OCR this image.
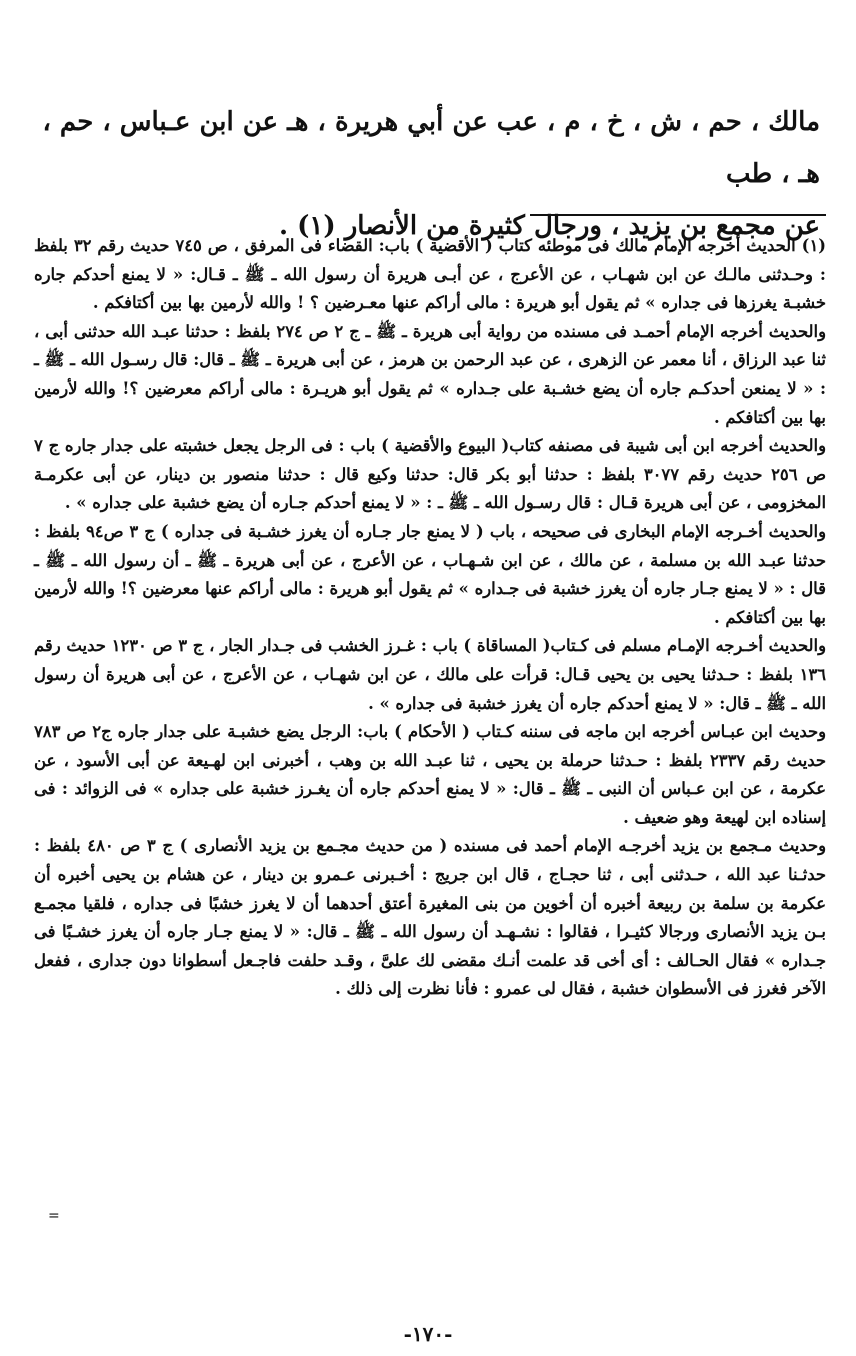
مالك ، حم ، ش ، خ ، م ، عب عن أبي هريرة ، هـ عن ابن عـباس ، حم ، هـ ، طب

عن مجمع بن يزيد ، ورجال كثيرة من الأنصار (١) .

(١) الحديث أخرجه الإمام مالك فى موطئه كتاب ( الأقضية ) باب: القضاء فى المرفق ، ص ٧٤٥ حديث رقم ٣٢ بلفظ : وحـدثنى مالـك عن ابن شهـاب ، عن الأعرج ، عن أبـى هريرة أن رسول الله ـ ﷺ ـ قـال: « لا يمنع أحدكم جاره خشبـة يغرزها فى جداره » ثم يقول أبو هريرة : مالى أراكم عنها معـرضين ؟ ! والله لأرمين بها بين أكتافكم .

والحديث أخرجه الإمام أحمـد فى مسنده من رواية أبى هريرة ـ ﷺ ـ ج ٢ ص ٢٧٤ بلفظ : حدثنا عبـد الله حدثنى أبى ، ثنا عبد الرزاق ، أنا معمر عن الزهرى ، عن عبد الرحمن بن هرمز ، عن أبى هريرة ـ ﷺ ـ قال: قال رسـول الله ـ ﷺ ـ : « لا يمنعن أحدكـم جاره أن يضع خشـبة على جـداره » ثم يقول أبو هريـرة : مالى أراكم معرضين ؟! والله لأرمين بها بين أكتافكم .

والحديث أخرجه ابن أبى شيبة فى مصنفه كتاب( البيوع والأقضية ) باب : فى الرجل يجعل خشبته على جدار جاره ج ٧ ص ٢٥٦ حديث رقم ٣٠٧٧ بلفظ : حدثنا أبو بكر قال: حدثنا وكيع قال : حدثنا منصور بن دينار، عن أبى عكرمـة المخزومى ، عن أبى هريرة قـال : قال رسـول الله ـ ﷺ ـ : « لا يمنع أحدكم جـاره أن يضع خشبة على جداره » .

والحديث أخـرجه الإمام البخارى فى صحيحه ، باب ( لا يمنع جار جـاره أن يغرز خشـبة فى جداره ) ج ٣ ص٩٤ بلفظ : حدثنا عبـد الله بن مسلمة ، عن مالك ، عن ابن شـهـاب ، عن الأعرج ، عن أبى هريرة ـ ﷺ ـ أن رسول الله ـ ﷺ ـ قال : « لا يمنع جـار جاره أن يغرز خشبة فى جـداره » ثم يقول أبو هريرة : مالى أراكم عنها معرضين ؟! والله لأرمين بها بين أكتافكم .

والحديث أخـرجه الإمـام مسلم فى كـتاب( المساقاة ) باب : غـرز الخشب فى جـدار الجار ، ج ٣ ص ١٢٣٠ حديث رقم ١٣٦ بلفظ : حـدثنا يحيى بن يحيى قـال: قرأت على مالك ، عن ابن شهـاب ، عن الأعرج ، عن أبى هريرة أن رسول الله ـ ﷺ ـ قال: « لا يمنع أحدكم جاره أن يغرز خشبة فى جداره » .

وحديث ابن عبـاس أخرجه ابن ماجه فى سننه كـتاب ( الأحكام ) باب: الرجل يضع خشبـة على جدار جاره ج٢ ص ٧٨٣ حديث رقم ٢٣٣٧ بلفظ : حـدثنا حرملة بن يحيى ، ثنا عبـد الله بن وهب ، أخبرنى ابن لهـيعة عن أبى الأسود ، عن عكرمة ، عن ابن عـباس أن النبى ـ ﷺ ـ قال: « لا يمنع أحدكم جاره أن يغـرز خشبة على جداره » فى الزوائد : فى إسناده ابن لهيعة وهو ضعيف .

وحديث مـجمع بن يزيد أخرجـه الإمام أحمد فى مسنده ( من حديث مجـمع بن يزيد الأنصارى ) ج ٣ ص ٤٨٠ بلفظ : حدثـنا عبد الله ، حـدثنى أبى ، ثنا حجـاج ، قال ابن جريج : أخـبرنى عـمرو بن دينار ، عن هشام بن يحيى أخبره أن عكرمة بن سلمة بن ربيعة أخبره أن أخوين من بنى المغيرة أعتق أحدهما أن لا يغرز خشبًا فى جداره ، فلقيا مجمـع بـن يزيد الأنصارى ورجالا كثيـرا ، فقالوا : نشـهـد أن رسول الله ـ ﷺ ـ قال: « لا يمنع جـار جاره أن يغرز خشـبًا فى جـداره » فقال الحـالف : أى أخى قد علمت أنـك مقضى لك علىَّ ، وقـد حلفت فاجـعل أسطوانا دون جدارى ، ففعل الآخر فغرز فى الأسطوان خشبة ، فقال لى عمرو : فأنا نظرت إلى ذلك .

=
-١٧٠-
